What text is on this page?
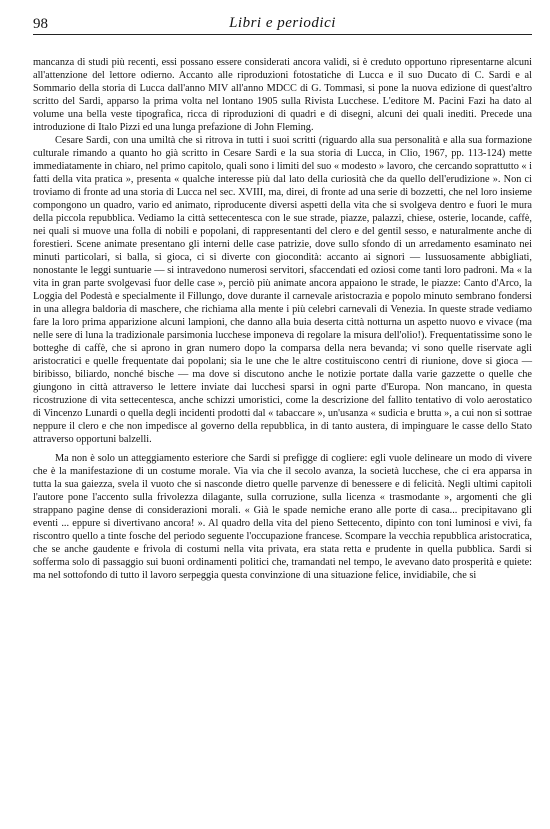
98	Libri e periodici

mancanza di studi più recenti, essi possano essere considerati ancora validi, si è creduto opportuno ripresentarne alcuni all'attenzione del lettore odierno. Accanto alle riproduzioni fotostatiche di Lucca e il suo Ducato di C. Sardi e al Sommario della storia di Lucca dall'anno MIV all'anno MDCC di G. Tommasi, si pone la nuova edizione di quest'altro scritto del Sardi, apparso la prima volta nel lontano 1905 sulla Rivista Lucchese. L'editore M. Pacini Fazi ha dato al volume una bella veste tipografica, ricca di riproduzioni di quadri e di disegni, alcuni dei quali inediti. Precede una introduzione di Italo Pizzi ed una lunga prefazione di John Fleming.

Cesare Sardi, con una umiltà che si ritrova in tutti i suoi scritti (riguardo alla sua personalità e alla sua formazione culturale rimando a quanto ho già scritto in Cesare Sardi e la sua storia di Lucca, in Clio, 1967, pp. 113-124) mette immediatamente in chiaro, nel primo capitolo, quali sono i limiti del suo « modesto » lavoro, che cercando soprattutto « i fatti della vita pratica », presenta « qualche interesse più dal lato della curiosità che da quello dell'erudizione ». Non ci troviamo di fronte ad una storia di Lucca nel sec. XVIII, ma, direi, di fronte ad una serie di bozzetti, che nel loro insieme compongono un quadro, vario ed animato, riproducente diversi aspetti della vita che si svolgeva dentro e fuori le mura della piccola repubblica. Vediamo la città settecentesca con le sue strade, piazze, palazzi, chiese, osterie, locande, caffè, nei quali si muove una folla di nobili e popolani, di rappresentanti del clero e del gentil sesso, e naturalmente anche di forestieri. Scene animate presentano gli interni delle case patrizie, dove sullo sfondo di un arredamento esaminato nei minuti particolari, si balla, si gioca, ci si diverte con giocondità: accanto ai signori — lussuosamente abbigliati, nonostante le leggi suntuarie — si intravedono numerosi servitori, sfaccendati ed oziosi come tanti loro padroni. Ma « la vita in gran parte svolgevasi fuor delle case », perciò più animate ancora appaiono le strade, le piazze: Canto d'Arco, la Loggia del Podestà e specialmente il Fillungo, dove durante il carnevale aristocrazia e popolo minuto sembrano fondersi in una allegra baldoria di maschere, che richiama alla mente i più celebri carnevali di Venezia. In queste strade vediamo fare la loro prima apparizione alcuni lampioni, che danno alla buia deserta città notturna un aspetto nuovo e vivace (ma nelle sere di luna la tradizionale parsimonia lucchese imponeva di regolare la misura dell'olio!). Frequentatissime sono le botteghe di caffè, che si aprono in gran numero dopo la comparsa della nera bevanda; vi sono quelle riservate agli aristocratici e quelle frequentate dai popolani; sia le une che le altre costituiscono centri di riunione, dove si gioca — biribisso, biliardo, nonché bische — ma dove si discutono anche le notizie portate dalla varie gazzette o quelle che giungono in città attraverso le lettere inviate dai lucchesi sparsi in ogni parte d'Europa. Non mancano, in questa ricostruzione di vita settecentesca, anche schizzi umoristici, come la descrizione del fallito tentativo di volo aerostatico di Vincenzo Lunardi o quella degli incidenti prodotti dal « tabaccare », un'usanza « sudicia e brutta », a cui non si sottrae neppure il clero e che non impedisce al governo della repubblica, in di tanto austera, di impinguare le casse dello Stato attraverso opportuni balzelli.

Ma non è solo un atteggiamento esteriore che Sardi si prefigge di cogliere: egli vuole delineare un modo di vivere che è la manifestazione di un costume morale. Via via che il secolo avanza, la società lucchese, che ci era apparsa in tutta la sua gaiezza, svela il vuoto che si nasconde dietro quelle parvenze di benessere e di felicità. Negli ultimi capitoli l'autore pone l'accento sulla frivolezza dilagante, sulla corruzione, sulla licenza « trasmodante », argomenti che gli strappano pagine dense di considerazioni morali. « Già le spade nemiche erano alle porte di casa... precipitavano gli eventi ... eppure si divertivano ancora! ». Al quadro della vita del pieno Settecento, dipinto con toni luminosi e vivi, fa riscontro quello a tinte fosche del periodo seguente l'occupazione francese. Scompare la vecchia repubblica aristocratica, che se anche gaudente e frivola di costumi nella vita privata, era stata retta e prudente in quella pubblica. Sardi si sofferma solo di passaggio sui buoni ordinamenti politici che, tramandati nel tempo, le avevano dato prosperità e quiete: ma nel sottofondo di tutto il lavoro serpeggia questa convinzione di una situazione felice, invidiabile, che si
